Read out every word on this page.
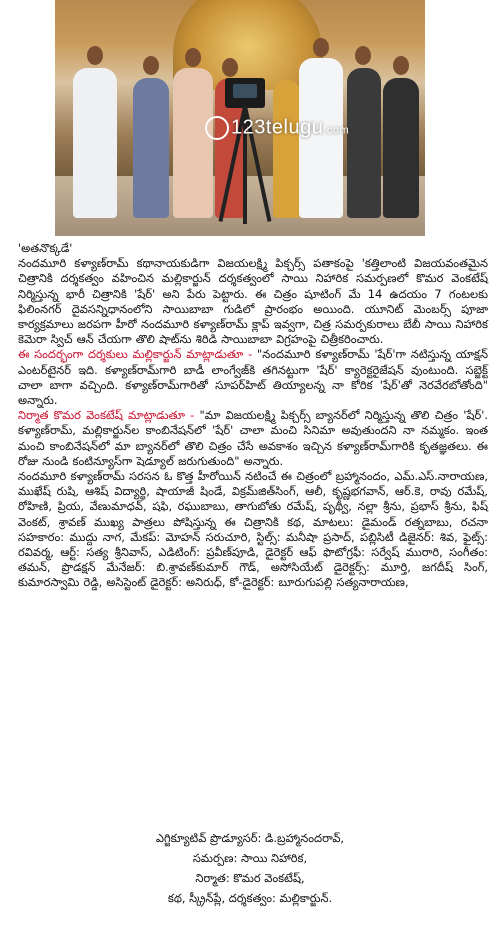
123telugu.com

'అతనొక్కడే'

నందమూరి కళ్యాణ్‌రామ్ కథానాయకుడిగా విజయలక్ష్మి పిక్చర్స్ పతాకంపై 'కత్తిలాంటి విజయవంతమైన చిత్రానికి దర్శకత్వం వహించిన మల్లికార్జున్ దర్శకత్వంలో సాయి నిహారిక సమర్పణలో కొమర వెంకటేష్ నిర్మిస్తున్న భారీ చిత్రానికి 'షేర్' అని పేరు పెట్టారు. ఈ చిత్రం షూటింగ్ మే 14 ఉదయం 7 గంటలకు ఫిలింనగర్ దైవసన్నిధానంలోని సాయిబాబా గుడిలో ప్రారంభం అయింది. యూనిట్ మెంబర్స్ పూజా కార్యక్రమాలు జరపగా హీరో నందమూరి కళ్యాణ్‌రామ్ క్లాప్ ఇవ్వగా, చిత్ర సమర్పకురాలు బేబీ సాయి నిహారిక కెమెరా స్విచ్ ఆన్ చేయగా తొలి షాట్‌ను శిరిడి సాయిబాబా విగ్రహంపై చిత్రీకరించారు.

ఈ సందర్భంగా దర్శకులు మల్లికార్జున్ మాట్లాడుతూ - "నందమూరి కళ్యాణ్‌రామ్ 'షేర్'గా నటిస్తున్న యాక్షన్ ఎంటర్‌టైనర్ ఇది. కళ్యాణ్‌రామ్‌గారి బాడీ లాంగ్వేజ్‌కి తగినట్టుగా 'షేర్' క్యారెక్టరైజేషన్ వుంటుంది. సబ్జెక్ట్ చాలా బాగా వచ్చింది. కళ్యాణ్‌రామ్‌గారితో సూపర్‌హిట్ తియ్యాలన్న నా కోరిక 'షేర్'తో నెరవేరబోతోంది" అన్నారు.

నిర్మాత కొమర వెంకటేష్ మాట్లాడుతూ - "మా విజయలక్ష్మి పిక్చర్స్ బ్యానర్‌లో నిర్మిస్తున్న తొలి చిత్రం 'షేర్'. కళ్యాణ్‌రామ్, మల్లికార్జున్‌ల కాంబినేషన్‌లో 'షేర్' చాలా మంచి సినిమా అవుతుందని నా నమ్మకం. ఇంత మంచి కాంబినేషన్‌లో మా బ్యానర్‌లో తొలి చిత్రం చేసే అవకాశం ఇచ్చిన కళ్యాణ్‌రామ్‌గారికి కృతజ్ఞతలు. ఈ రోజు నుండి కంటిన్యూస్‌గా షెడ్యూల్ జరుగుతుంది" అన్నారు.

నందమూరి కళ్యాణ్‌రామ్ సరసన ఓ కొత్త హీరోయిన్ నటించే ఈ చిత్రంలో బ్రహ్మానందం, ఎమ్.ఎస్.నారాయణ, ముఖేష్ రుషి, ఆశిష్ విద్యార్థి, షాయాజీ షిండే, విక్రమ్‌జిత్‌సింగ్, ఆలీ, కృష్ణభగవాన్, ఆర్.కె, రావు రమేష్, రోహిణి, ప్రియ, వేణుమాధవ్, షఫి, రఘుబాబు, తాగుబోతు రమేష్, పృథ్వీ, నల్లా శ్రీను, ప్రభాస్ శ్రీను, ఫిష్ వెంకట్, శ్రావణ్ ముఖ్య పాత్రలు పోషిస్తున్న ఈ చిత్రానికి కథ, మాటలు: డైమండ్ రత్నబాబు, రచనా సహకారం: ముద్దు నాగ, మేకప్: మోహన్ సరుచూరి, స్టిల్స్: మనీషా ప్రసాద్, పబ్లిసిటీ డిజైనర్: శివ, ఫైట్స్: రవివర్మ, ఆర్ట్: సత్య శ్రీనివాస్, ఎడిటింగ్: ప్రవీణ్‌పూడి, డైరెక్టర్ ఆఫ్ ఫొటోగ్రఫీ: సర్వేష్ మురారి, సంగీతం: తమన్, ప్రొడక్షన్ మేనేజర్: బి.శ్రావణ్‌కుమార్ గౌడ్, అసోసియేట్ డైరెక్టర్స్: మూర్తి, జగదీష్ సింగ్, కుమారస్వామి రెడ్డి, అసిస్టెంట్ డైరెక్టర్: అనిరుధ్, కో-డైరెక్టర్: బూరుగుపల్లి సత్యనారాయణ,

ఎగ్జిక్యూటివ్ ప్రొడ్యూసర్: డి.బ్రహ్మానందరావ్,
సమర్పణ: సాయి నిహారిక,
నిర్మాత: కొమర వెంకటేష్,
కథ, స్క్రీన్‌ప్లే, దర్శకత్వం: మల్లికార్జున్.
